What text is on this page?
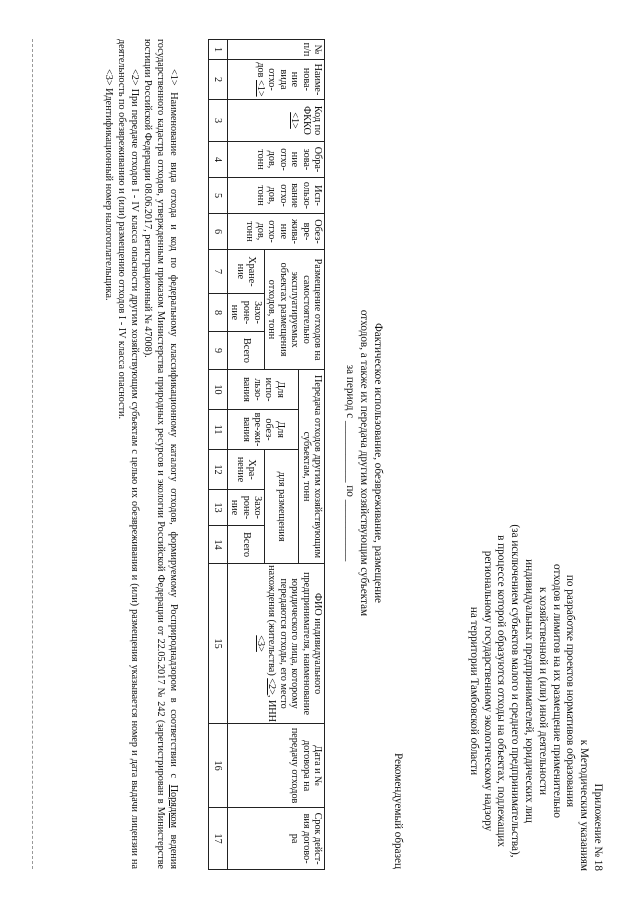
Приложение № 18
к Методическим указаниям
по разработке проектов нормативов образования
отходов и лимитов на их размещение применительно
к хозяйственной и (или) иной деятельности
индивидуальных предпринимателей, юридических лиц
(за исключением субъектов малого и среднего предпринимательства),
в процессе которой образуются отходы на объектах, подлежащих
региональному государственному экологическому надзору
на территории Тамбовской области
Рекомендуемый образец
Фактическое использование, обезвреживание, размещение
отходов, а также их передача другим хозяйствующим субъектам
за период с ___________ по ___________
№ п/п	Наиме-нова-ние вида отхо-дов <1>	Код по ФККО <1>	Обра-зова-ние отхо-дов, тонн	Исп-ользо-вание отхо-дов, тонн	Обез-вре-жива-ние отхо-дов, тонн	Размещение отходов на самостоятельно эксплуатируемых объектах размещения отходов, тонн			Передача отходов другим хозяйствующим субъектам, тонн					ФИО индивидуального предпринимателя, наименование юридического лица, которому передаются отходы, его место нахождения (жительства) <2>, ИНН <3>	Дата и № договора на передачу отходов	Срок дейст-вия догово-ра
									Для испо-льзо-вания	Для обез-вре-жи-вания	для размещения					
						Хране-ние	Захо-роне-ние	Всего			Хра-нение	Захо-роне-ние	Всего			
1	2	3	4	5	6	7	8	9	10	11	12	13	14	15	16	17

<1> Наименование вида отхода и код по федеральному классификационному каталогу отходов, формируемому Росприроднадзором в соответствии с Порядком ведения государственного кадастра отходов, утвержденным приказом Министерства природных ресурсов и экологии Российской Федерации от 22.05.2017 № 242 (зарегистрирован в Министерстве юстиции Российской Федерации 08.06.2017, регистрационный № 47008).

<2> При передаче отходов I - IV класса опасности другим хозяйствующим субъектам с целью их обезвреживания и (или) размещения указывается номер и дата выдачи лицензии на деятельность по обезвреживанию и (или) размещению отходов I - IV класса опасности.

<3> Идентификационный номер налогоплательщика.
